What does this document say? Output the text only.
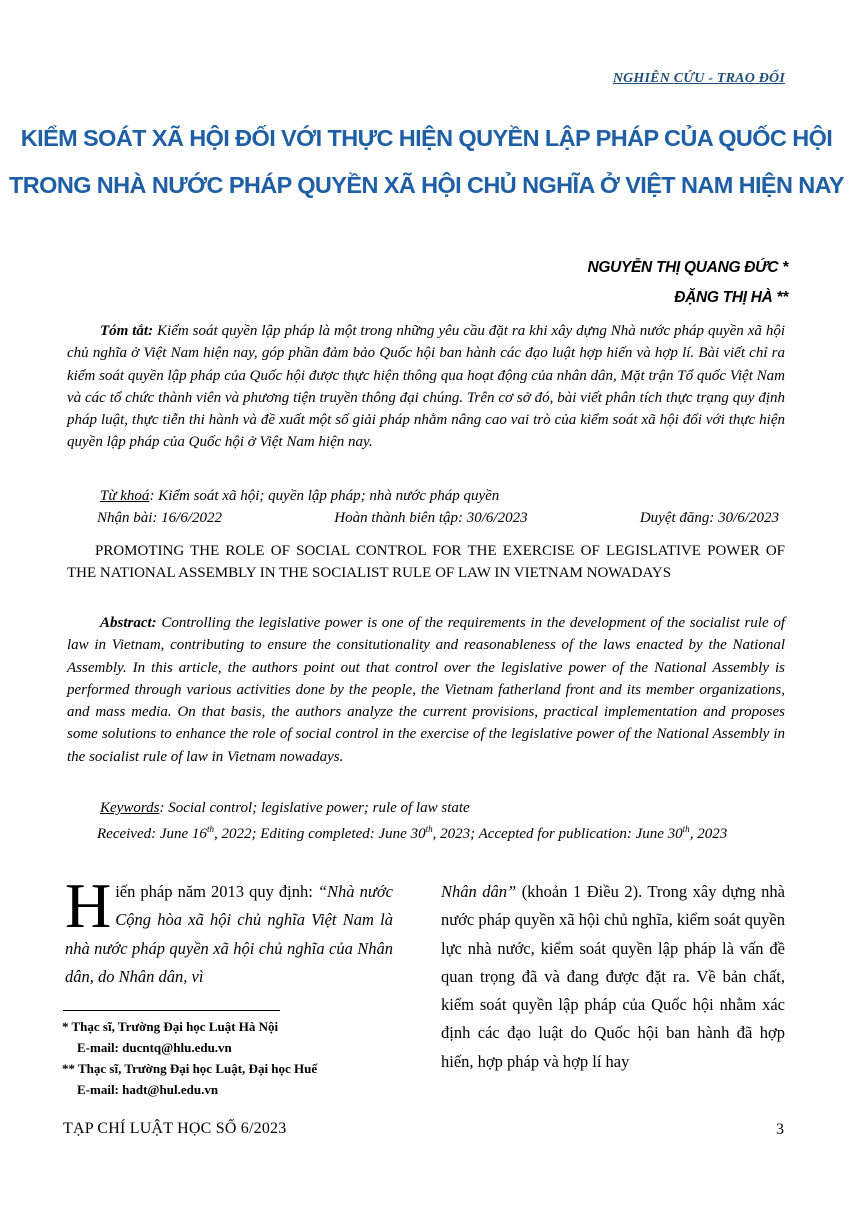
NGHIÊN CỨU - TRAO ĐỔI
KIỂM SOÁT XÃ HỘI ĐỐI VỚI THỰC HIỆN QUYỀN LẬP PHÁP CỦA QUỐC HỘI
TRONG NHÀ NƯỚC PHÁP QUYỀN XÃ HỘI CHỦ NGHĨA Ở VIỆT NAM HIỆN NAY
NGUYỄN THỊ QUANG ĐỨC *
ĐẶNG THỊ HÀ **
Tóm tắt: Kiểm soát quyền lập pháp là một trong những yêu cầu đặt ra khi xây dựng Nhà nước pháp quyền xã hội chủ nghĩa ở Việt Nam hiện nay, góp phần đảm bảo Quốc hội ban hành các đạo luật hợp hiến và hợp lí. Bài viết chỉ ra kiểm soát quyền lập pháp của Quốc hội được thực hiện thông qua hoạt động của nhân dân, Mặt trận Tổ quốc Việt Nam và các tổ chức thành viên và phương tiện truyền thông đại chúng. Trên cơ sở đó, bài viết phân tích thực trạng quy định pháp luật, thực tiễn thi hành và đề xuất một số giải pháp nhằm nâng cao vai trò của kiểm soát xã hội đối với thực hiện quyền lập pháp của Quốc hội ở Việt Nam hiện nay.
Từ khoá: Kiểm soát xã hội; quyền lập pháp; nhà nước pháp quyền
Nhận bài: 16/6/2022	Hoàn thành biên tập: 30/6/2023	Duyệt đăng: 30/6/2023
PROMOTING THE ROLE OF SOCIAL CONTROL FOR THE EXERCISE OF LEGISLATIVE POWER OF THE NATIONAL ASSEMBLY IN THE SOCIALIST RULE OF LAW IN VIETNAM NOWADAYS
Abstract: Controlling the legislative power is one of the requirements in the development of the socialist rule of law in Vietnam, contributing to ensure the consitutionality and reasonableness of the laws enacted by the National Assembly. In this article, the authors point out that control over the legislative power of the National Assembly is performed through various activities done by the people, the Vietnam fatherland front and its member organizations, and mass media. On that basis, the authors analyze the current provisions, practical implementation and proposes some solutions to enhance the role of social control in the exercise of the legislative power of the National Assembly in the socialist rule of law in Vietnam nowadays.
Keywords: Social control; legislative power; rule of law state
Received: June 16th, 2022; Editing completed: June 30th, 2023; Accepted for publication: June 30th, 2023
Hiến pháp năm 2013 quy định: “Nhà nước Cộng hòa xã hội chủ nghĩa Việt Nam là nhà nước pháp quyền xã hội chủ nghĩa của Nhân dân, do Nhân dân, vì
Nhân dân” (khoản 1 Điều 2). Trong xây dựng nhà nước pháp quyền xã hội chủ nghĩa, kiểm soát quyền lực nhà nước, kiểm soát quyền lập pháp là vấn đề quan trọng đã và đang được đặt ra. Về bản chất, kiểm soát quyền lập pháp của Quốc hội nhằm xác định các đạo luật do Quốc hội ban hành đã hợp hiến, hợp pháp và hợp lí hay
* Thạc sĩ, Trường Đại học Luật Hà Nội
E-mail: ducntq@hlu.edu.vn
** Thạc sĩ, Trường Đại học Luật, Đại học Huế
E-mail: hadt@hul.edu.vn
TẠP CHÍ LUẬT HỌC SỐ 6/2023	3
